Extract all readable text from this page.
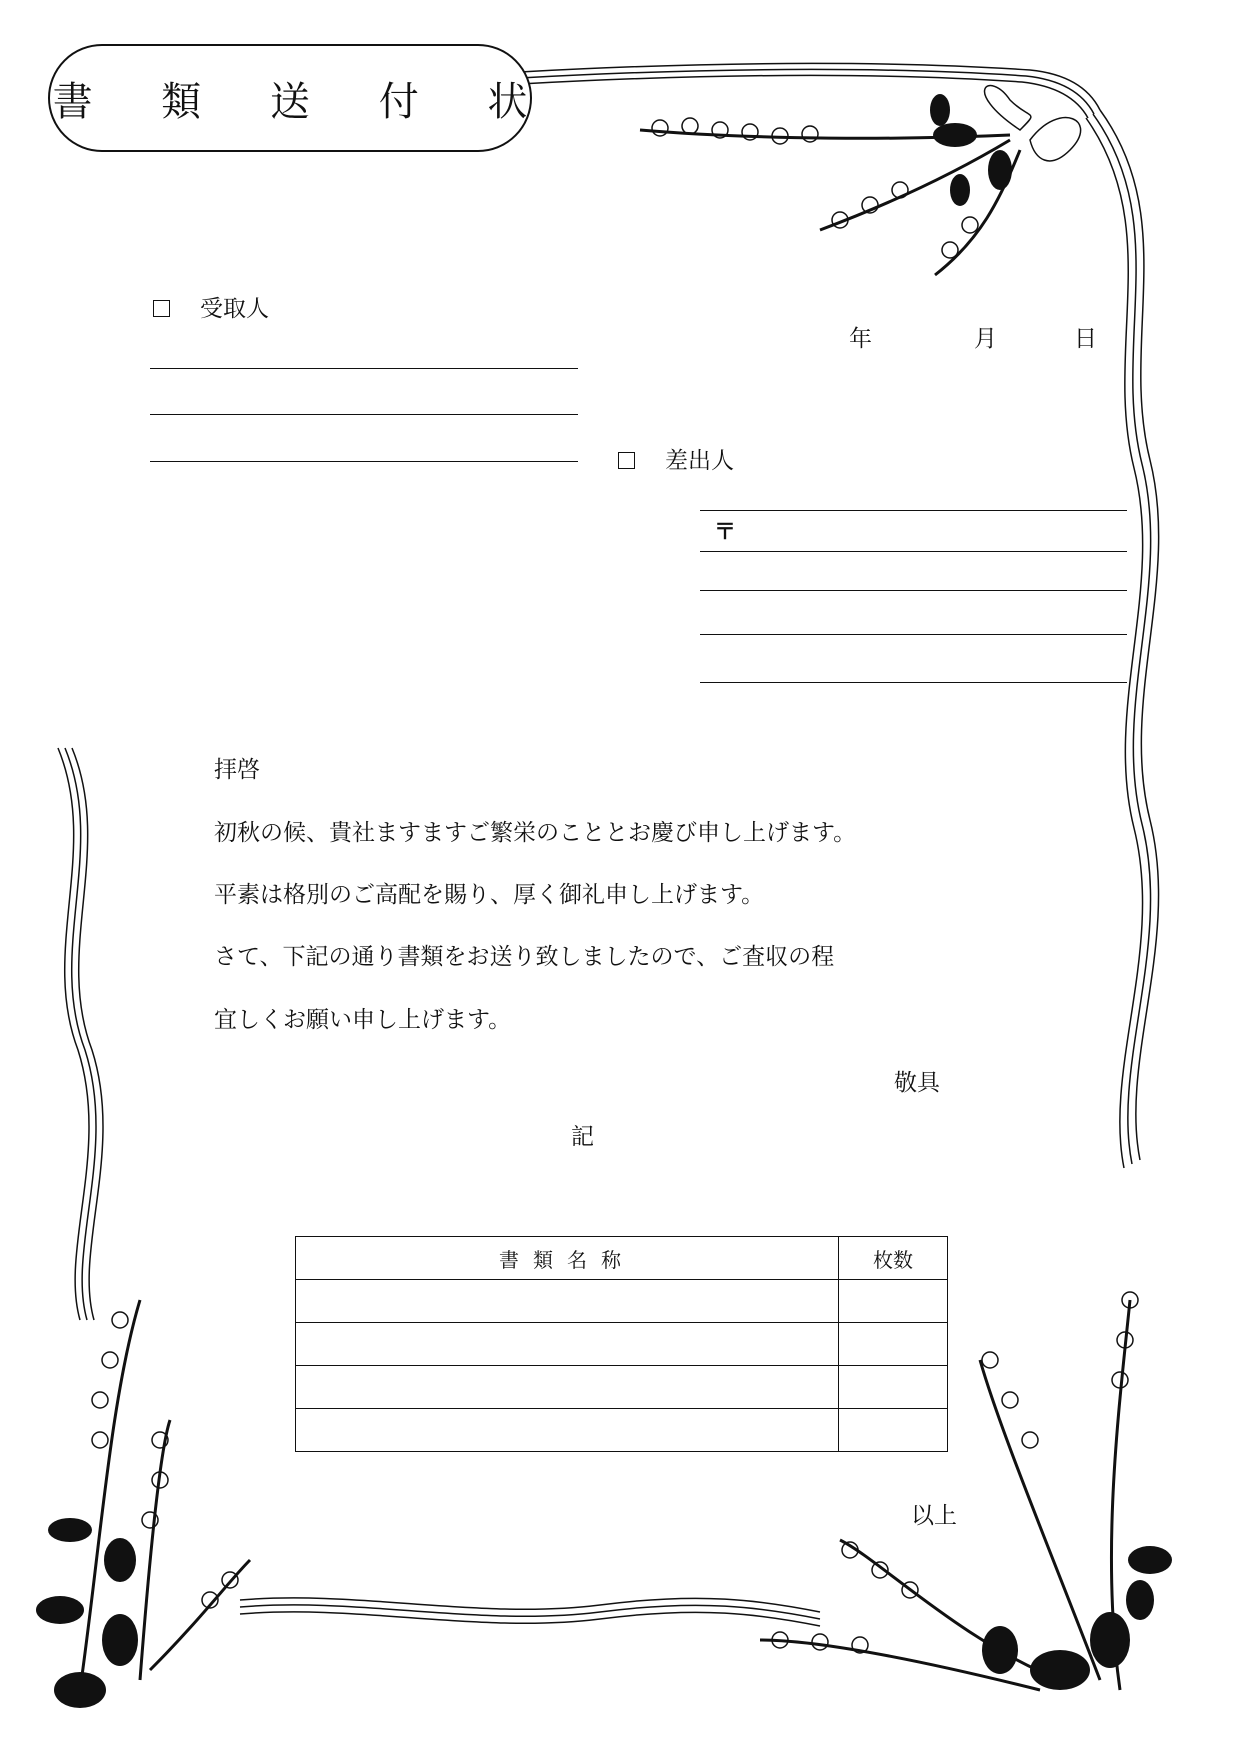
書 類 送 付 状
受取人
年	月	日
差出人
〒
拝啓
初秋の候、貴社ますますご繁栄のこととお慶び申し上げます。
平素は格別のご高配を賜り、厚く御礼申し上げます。
さて、下記の通り書類をお送り致しましたので、ご査収の程
宜しくお願い申し上げます。
敬具
記
書類名称	枚数

以上
